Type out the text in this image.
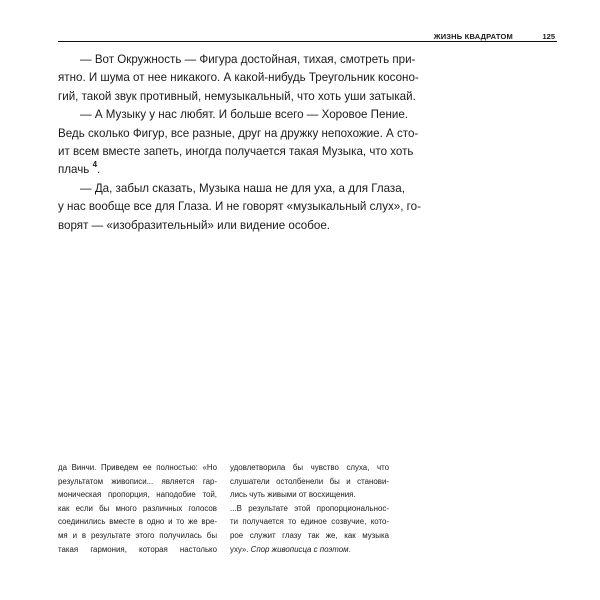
ЖИЗНЬ КВАДРАТОМ	125
— Вот Окружность — Фигура достойная, тихая, смотреть при-
ятно. И шума от нее никакого. А какой-нибудь Треугольник косоно-
гий, такой звук противный, немузыкальный, что хоть уши затыкай.
— А Музыку у нас любят. И больше всего — Хоровое Пение.
Ведь сколько Фигур, все разные, друг на дружку непохожие. А сто-
ит всем вместе запеть, иногда получается такая Музыка, что хоть
плачь $^4$.
— Да, забыл сказать, Музыка наша не для уха, а для Глаза,
у нас вообще все для Глаза. И не говорят «музыкальный слух», го-
ворят — «изобразительный» или видение особое.
да Винчи. Приведем ее полностью: «Но
результатом живописи... является гар-
моническая пропорция, наподобие той,
как если бы много различных голосов
соединились вместе в одно и то же вре-
мя и в результате этого получилась бы
такая гармония, которая настолько
удовлетворила бы чувство слуха, что
слушатели остолбенели бы и станови-
лись чуть живыми от восхищения.
...В результате этой пропорциональнос-
ти получается то единое созвучие, кото-
рое служит глазу так же, как музыка
ухy». Спор живописца с поэтом.
